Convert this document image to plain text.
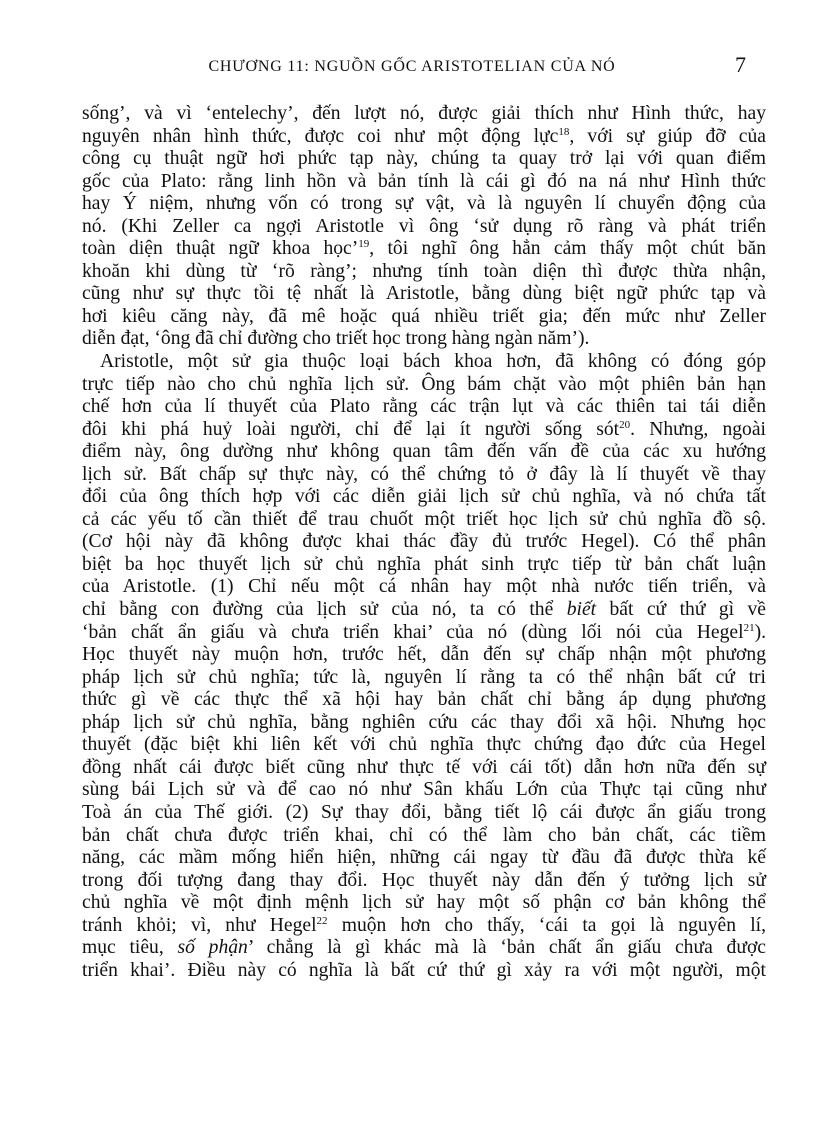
CHƯƠNG 11: NGUỒN GỐC ARISTOTELIAN CỦA NÓ	7
sống’, và vì ‘entelechy’, đến lượt nó, được giải thích như Hình thức, hay
nguyên nhân hình thức, được coi như một động lực$^{18}$, với sự giúp đỡ của
công cụ thuật ngữ hơi phức tạp này, chúng ta quay trở lại với quan điểm
gốc của Plato: rằng linh hồn và bản tính là cái gì đó na ná như Hình thức
hay Ý niệm, nhưng vốn có trong sự vật, và là nguyên lí chuyển động của
nó. (Khi Zeller ca ngợi Aristotle vì ông ‘sử dụng rõ ràng và phát triển
toàn diện thuật ngữ khoa học’$^{19}$, tôi nghĩ ông hẳn cảm thấy một chút băn
khoăn khi dùng từ ‘rõ ràng’; nhưng tính toàn diện thì được thừa nhận,
cũng như sự thực tồi tệ nhất là Aristotle, bằng dùng biệt ngữ phức tạp và
hơi kiêu căng này, đã mê hoặc quá nhiều triết gia; đến mức như Zeller
diễn đạt, ‘ông đã chỉ đường cho triết học trong hàng ngàn năm’).
Aristotle, một sử gia thuộc loại bách khoa hơn, đã không có đóng góp
trực tiếp nào cho chủ nghĩa lịch sử. Ông bám chặt vào một phiên bản hạn
chế hơn của lí thuyết của Plato rằng các trận lụt và các thiên tai tái diễn
đôi khi phá huỷ loài người, chỉ để lại ít người sống sót$^{20}$. Nhưng, ngoài
điểm này, ông dường như không quan tâm đến vấn đề của các xu hướng
lịch sử. Bất chấp sự thực này, có thể chứng tỏ ở đây là lí thuyết về thay
đổi của ông thích hợp với các diễn giải lịch sử chủ nghĩa, và nó chứa tất
cả các yếu tố cần thiết để trau chuốt một triết học lịch sử chủ nghĩa đồ sộ.
(Cơ hội này đã không được khai thác đầy đủ trước Hegel). Có thể phân
biệt ba học thuyết lịch sử chủ nghĩa phát sinh trực tiếp từ bản chất luận
của Aristotle. (1) Chỉ nếu một cá nhân hay một nhà nước tiến triển, và
chỉ bằng con đường của lịch sử của nó, ta có thể biết bất cứ thứ gì về
‘bản chất ẩn giấu và chưa triển khai’ của nó (dùng lối nói của Hegel$^{21}$).
Học thuyết này muộn hơn, trước hết, dẫn đến sự chấp nhận một phương
pháp lịch sử chủ nghĩa; tức là, nguyên lí rằng ta có thể nhận bất cứ tri
thức gì về các thực thể xã hội hay bản chất chỉ bằng áp dụng phương
pháp lịch sử chủ nghĩa, bằng nghiên cứu các thay đổi xã hội. Nhưng học
thuyết (đặc biệt khi liên kết với chủ nghĩa thực chứng đạo đức của Hegel
đồng nhất cái được biết cũng như thực tế với cái tốt) dẫn hơn nữa đến sự
sùng bái Lịch sử và để cao nó như Sân khấu Lớn của Thực tại cũng như
Toà án của Thế giới. (2) Sự thay đổi, bằng tiết lộ cái được ẩn giấu trong
bản chất chưa được triển khai, chỉ có thể làm cho bản chất, các tiềm
năng, các mầm mống hiển hiện, những cái ngay từ đầu đã được thừa kế
trong đối tượng đang thay đổi. Học thuyết này dẫn đến ý tưởng lịch sử
chủ nghĩa về một định mệnh lịch sử hay một số phận cơ bản không thể
tránh khỏi; vì, như Hegel$^{22}$ muộn hơn cho thấy, ‘cái ta gọi là nguyên lí,
mục tiêu, số phận’ chẳng là gì khác mà là ‘bản chất ẩn giấu chưa được
triển khai’. Điều này có nghĩa là bất cứ thứ gì xảy ra với một người, một
